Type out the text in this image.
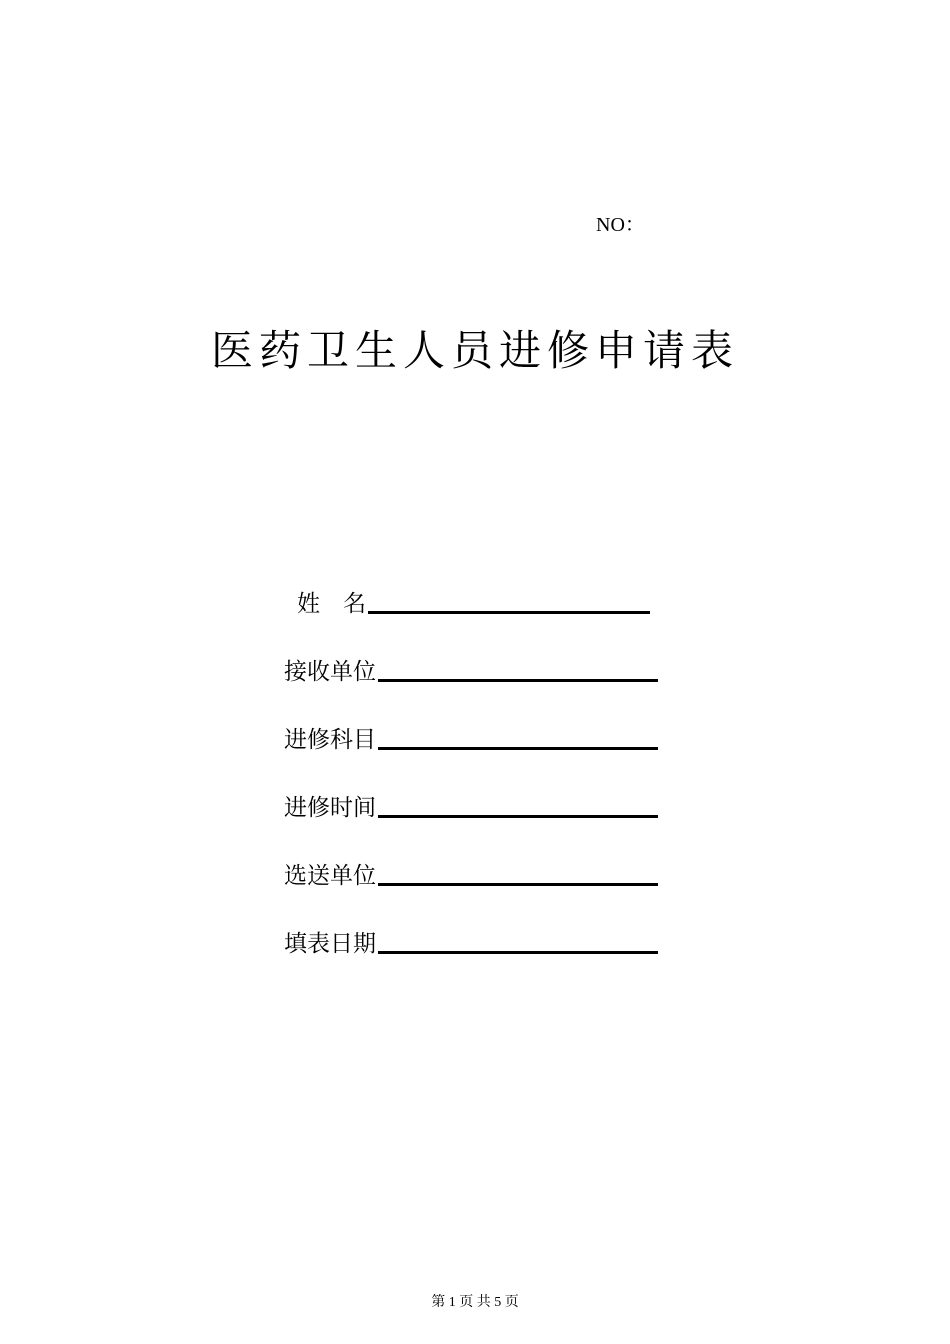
NO：
医药卫生人员进修申请表
姓　名
接收单位
进修科目
进修时间
选送单位
填表日期
第 1 页 共 5 页
